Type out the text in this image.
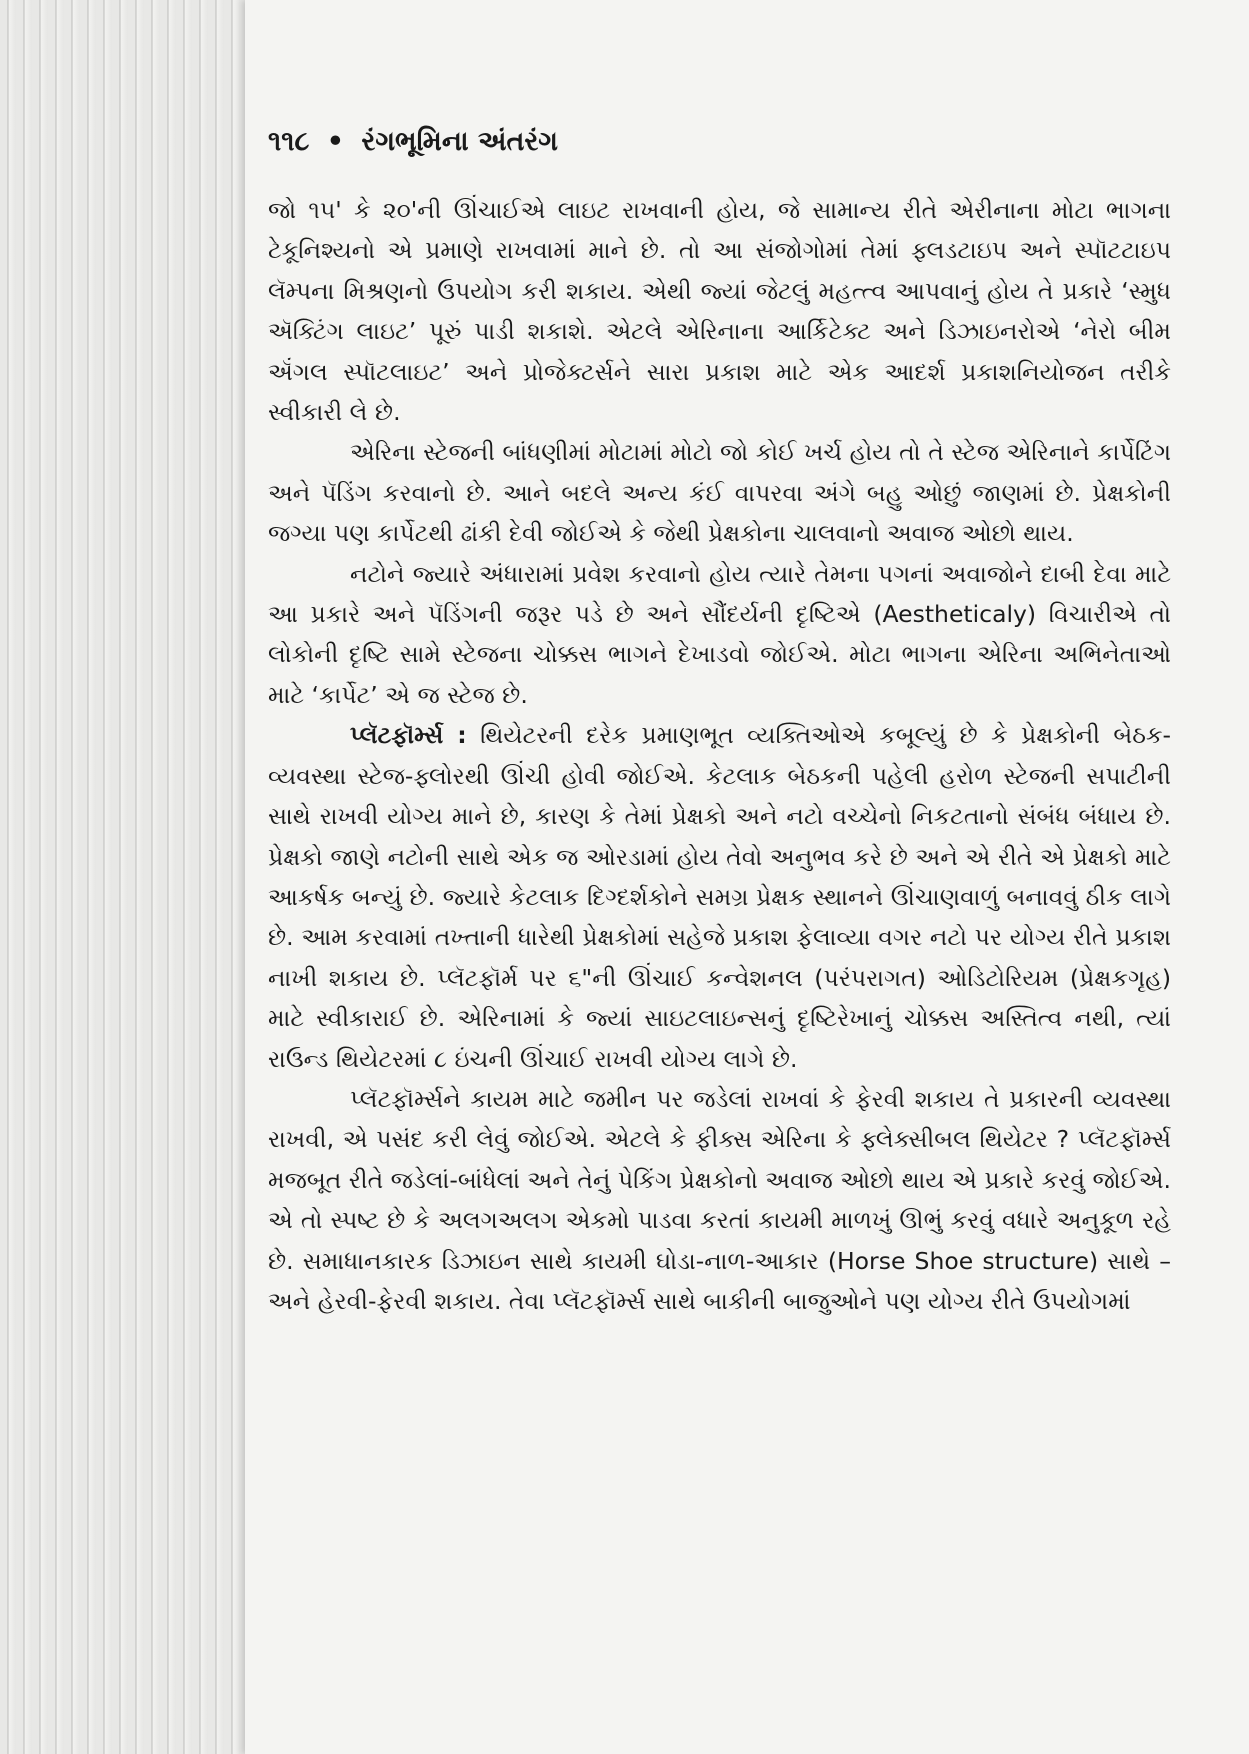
૧૧૮ • રંગભૂમિના અંતરંગ

જો ૧૫' કે ૨૦'ની ઊંચાઈએ લાઇટ રાખવાની હોય, જે સામાન્ય રીતે એરીનાના મોટા ભાગના ટેકૂનિશ્યનો એ પ્રમાણે રાખવામાં માને છે. તો આ સંજોગોમાં તેમાં ફ્લડટાઇપ અને સ્પૉટટાઇપ લૅમ્પના મિશ્રણનો ઉપયોગ કરી શકાય. એથી જ્યાં જેટલું મહત્ત્વ આપવાનું હોય તે પ્રકારે ‘સ્મુધ ઍક્ટિંગ લાઇટ’ પૂરું પાડી શકાશે. એટલે એરિનાના આર્કિટેક્ટ અને ડિઝાઇનરોએ ‘નેરો બીમ ઍંગલ સ્પૉટલાઇટ’ અને પ્રોજેક્ટર્સને સારા પ્રકાશ માટે એક આદર્શ પ્રકાશનિયોજન તરીકે સ્વીકારી લે છે.

એરિના સ્ટેજની બાંધણીમાં મોટામાં મોટો જો કોઈ ખર્ચ હોય તો તે સ્ટેજ એરિનાને કાર્પેટિંગ અને પૅડિંગ કરવાનો છે. આને બદલે અન્ય કંઈ વાપરવા અંગે બહુ ઓછું જાણમાં છે. પ્રેક્ષકોની જગ્યા પણ કાર્પેટથી ઢાંકી દેવી જોઈએ કે જેથી પ્રેક્ષકોના ચાલવાનો અવાજ ઓછો થાય.

નટોને જ્યારે અંધારામાં પ્રવેશ કરવાનો હોય ત્યારે તેમના પગનાં અવાજોને દાબી દેવા માટે આ પ્રકારે અને પૅડિંગની જરૂર પડે છે અને સૌંદર્યની દૃષ્ટિએ (Aestheticaly) વિચારીએ તો લોકોની દૃષ્ટિ સામે સ્ટેજના ચોક્કસ ભાગને દેખાડવો જોઈએ. મોટા ભાગના એરિના અભિનેતાઓ માટે ‘કાર્પેટ’ એ જ સ્ટેજ છે.

પ્લૅટફૉર્મ્સ : થિયેટરની દરેક પ્રમાણભૂત વ્યક્તિઓએ કબૂલ્યું છે કે પ્રેક્ષકોની બેઠક-વ્યવસ્થા સ્ટેજ-ફ્લોરથી ઊંચી હોવી જોઈએ. કેટલાક બેઠકની પહેલી હરોળ સ્ટેજની સપાટીની સાથે રાખવી યોગ્ય માને છે, કારણ કે તેમાં પ્રેક્ષકો અને નટો વચ્ચેનો નિકટતાનો સંબંધ બંધાય છે. પ્રેક્ષકો જાણે નટોની સાથે એક જ ઓરડામાં હોય તેવો અનુભવ કરે છે અને એ રીતે એ પ્રેક્ષકો માટે આકર્ષક બન્યું છે. જ્યારે કેટલાક દિગ્દર્શકોને સમગ્ર પ્રેક્ષક સ્થાનને ઊંચાણવાળું બનાવવું ઠીક લાગે છે. આમ કરવામાં તખ્તાની ધારેથી પ્રેક્ષકોમાં સહેજે પ્રકાશ ફેલાવ્યા વગર નટો પર યોગ્ય રીતે પ્રકાશ નાખી શકાય છે. પ્લૅટફૉર્મ પર ૬"ની ઊંચાઈ કન્વેશનલ (પરંપરાગત) ઓડિટોરિયમ (પ્રેક્ષકગૃહ) માટે સ્વીકારાઈ છે. એરિનામાં કે જ્યાં સાઇટલાઇન્સનું દૃષ્ટિરેખાનું ચોક્કસ અસ્તિત્વ નથી, ત્યાં રાઉન્ડ થિયેટરમાં ૮ ઇંચની ઊંચાઈ રાખવી યોગ્ય લાગે છે.

પ્લૅટફૉર્મ્સને કાયમ માટે જમીન પર જડેલાં રાખવાં કે ફેરવી શકાય તે પ્રકારની વ્યવસ્થા રાખવી, એ પસંદ કરી લેવું જોઈએ. એટલે કે ફીક્સ એરિના કે ફ્લેક્સીબલ થિયેટર ? પ્લૅટફૉર્મ્સ મજબૂત રીતે જડેલાં-બાંધેલાં અને તેનું પેકિંગ પ્રેક્ષકોનો અવાજ ઓછો થાય એ પ્રકારે કરવું જોઈએ. એ તો સ્પષ્ટ છે કે અલગઅલગ એકમો પાડવા કરતાં કાયમી માળખું ઊભું કરવું વધારે અનુકૂળ રહે છે. સમાધાનકારક ડિઝાઇન સાથે કાયમી ઘોડા-નાળ-આકાર (Horse Shoe structure) સાથે – અને હેરવી-ફેરવી શકાય. તેવા પ્લૅટફૉર્મ્સ સાથે બાકીની બાજુઓને પણ યોગ્ય રીતે ઉપયોગમાં
